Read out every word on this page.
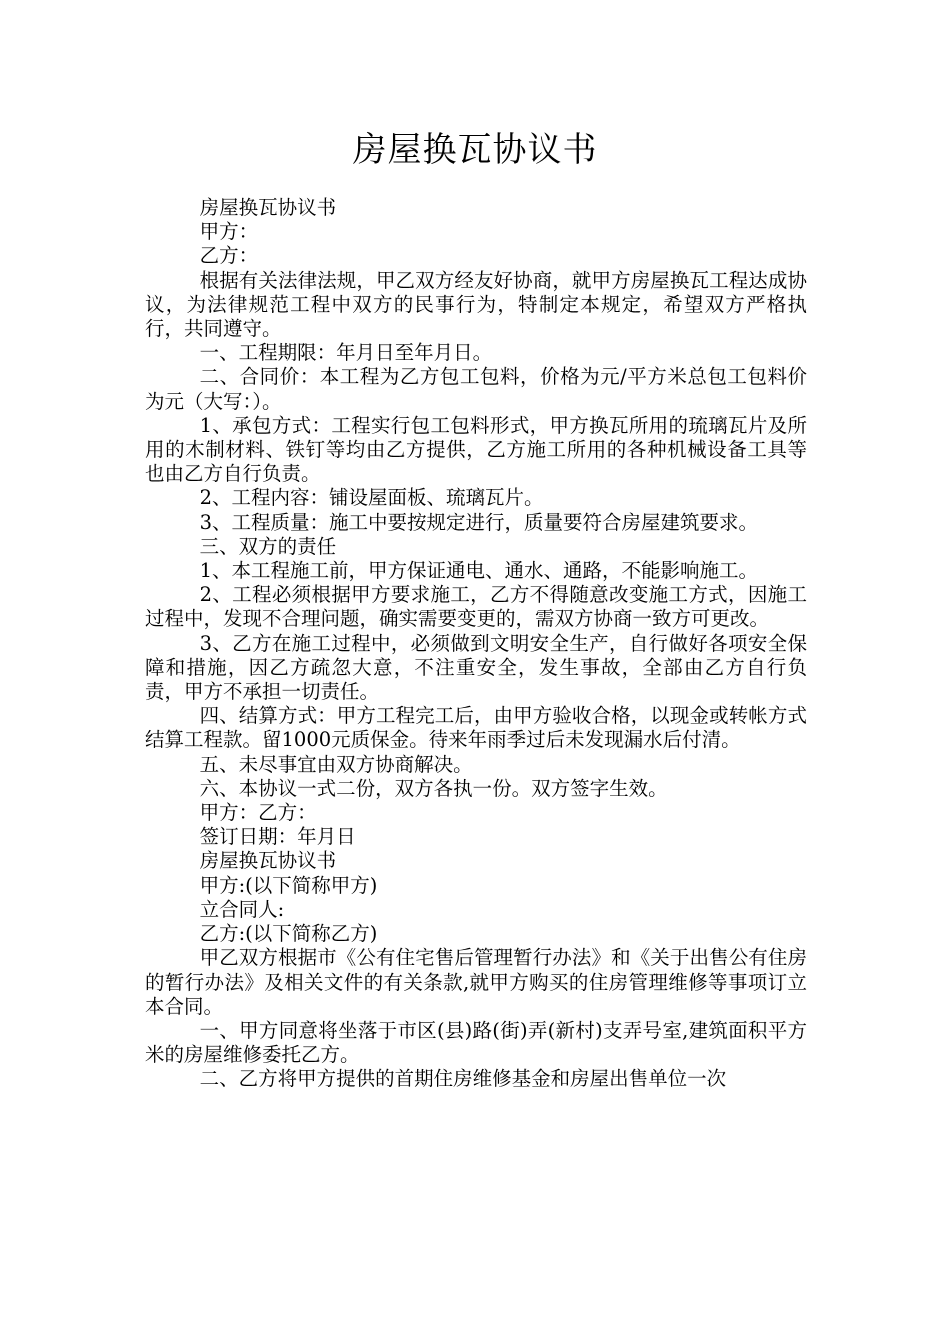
房屋换瓦协议书

房屋换瓦协议书

甲方：

乙方：

根据有关法律法规，甲乙双方经友好协商，就甲方房屋换瓦工程达成协议，为法律规范工程中双方的民事行为，特制定本规定，希望双方严格执行，共同遵守。

一、工程期限：年月日至年月日。

二、合同价：本工程为乙方包工包料，价格为元/平方米总包工包料价为元（大写：）。

1、承包方式：工程实行包工包料形式，甲方换瓦所用的琉璃瓦片及所用的木制材料、铁钉等均由乙方提供，乙方施工所用的各种机械设备工具等也由乙方自行负责。

2、工程内容：铺设屋面板、琉璃瓦片。

3、工程质量：施工中要按规定进行，质量要符合房屋建筑要求。

三、双方的责任

1、本工程施工前，甲方保证通电、通水、通路，不能影响施工。

2、工程必须根据甲方要求施工，乙方不得随意改变施工方式，因施工过程中，发现不合理问题，确实需要变更的，需双方协商一致方可更改。

3、乙方在施工过程中，必须做到文明安全生产，自行做好各项安全保障和措施，因乙方疏忽大意，不注重安全，发生事故，全部由乙方自行负责，甲方不承担一切责任。

四、结算方式：甲方工程完工后，由甲方验收合格，以现金或转帐方式结算工程款。留1000元质保金。待来年雨季过后未发现漏水后付清。

五、未尽事宜由双方协商解决。

六、本协议一式二份，双方各执一份。双方签字生效。

甲方：乙方：

签订日期：年月日

房屋换瓦协议书

甲方:(以下简称甲方)

立合同人:

乙方:(以下简称乙方)

甲乙双方根据市《公有住宅售后管理暂行办法》和《关于出售公有住房的暂行办法》及相关文件的有关条款,就甲方购买的住房管理维修等事项订立本合同。

一、甲方同意将坐落于市区(县)路(街)弄(新村)支弄号室,建筑面积平方米的房屋维修委托乙方。

二、乙方将甲方提供的首期住房维修基金和房屋出售单位一次
